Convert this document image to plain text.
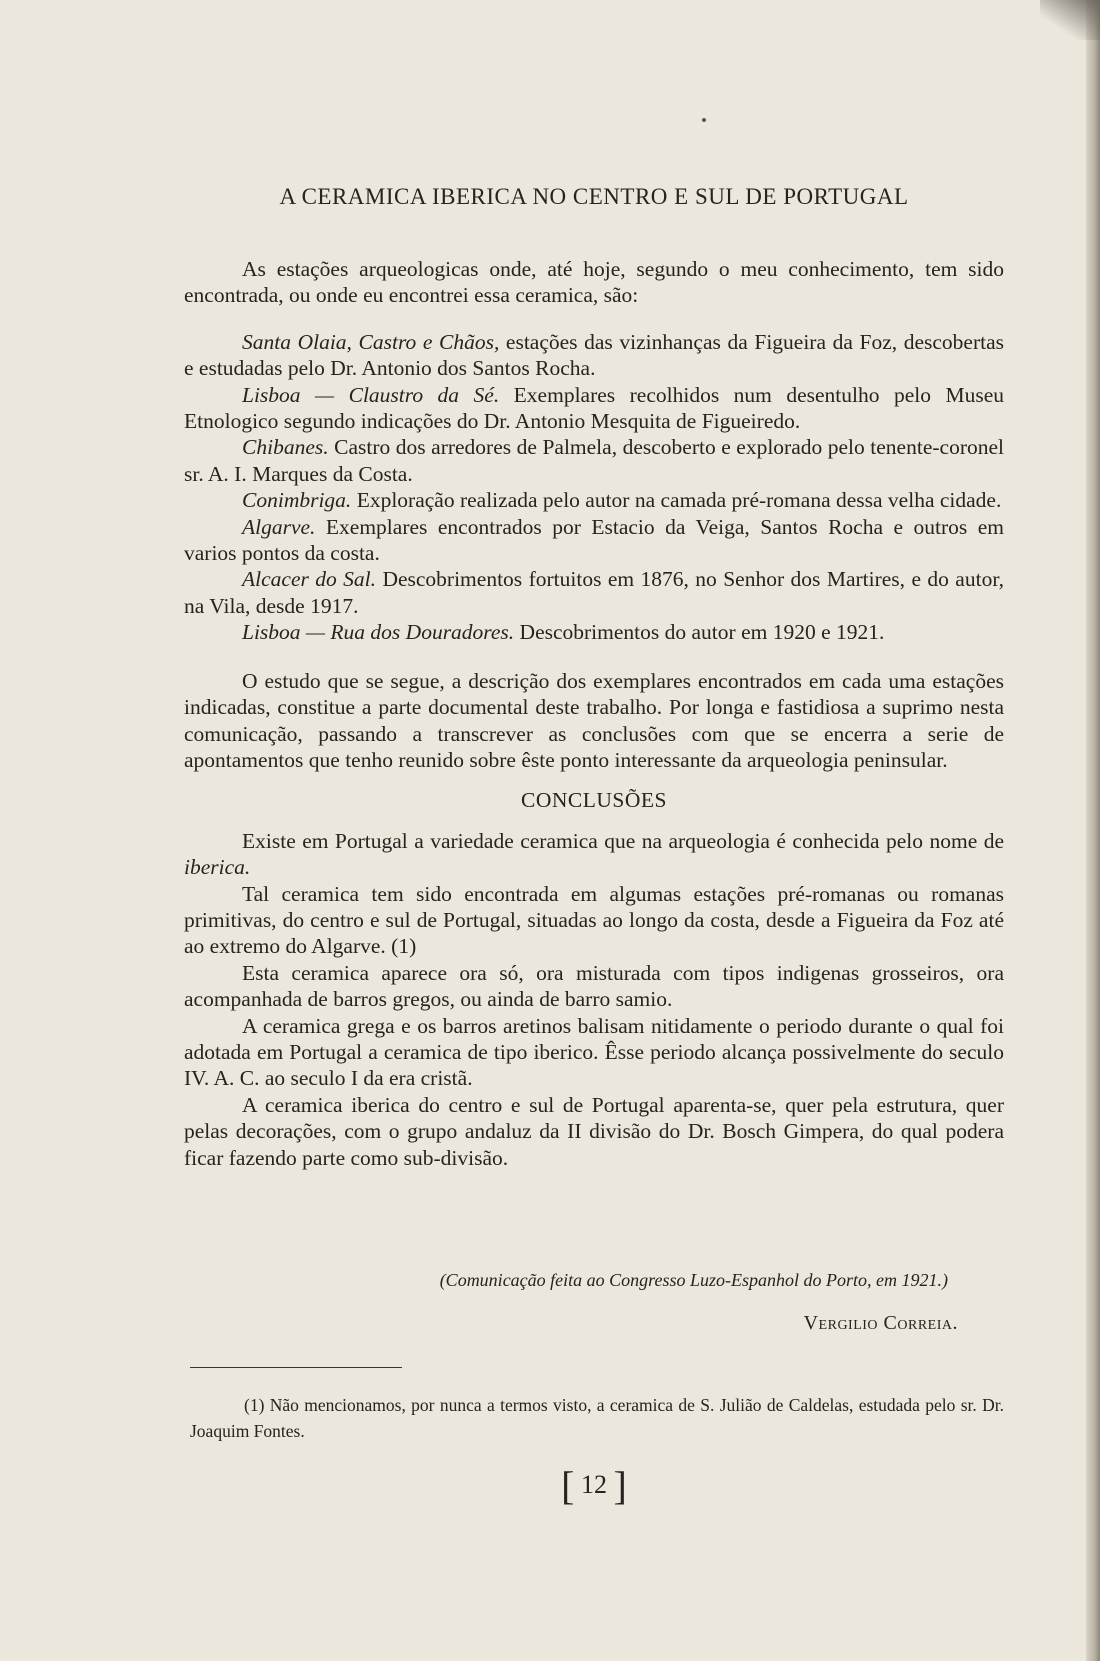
A CERAMICA IBERICA NO CENTRO E SUL DE PORTUGAL

As estações arqueologicas onde, até hoje, segundo o meu conhecimento, tem sido encontrada, ou onde eu encontrei essa ceramica, são:

Santa Olaia, Castro e Chãos, estações das vizinhanças da Figueira da Foz, descobertas e estudadas pelo Dr. Antonio dos Santos Rocha.

Lisboa — Claustro da Sé. Exemplares recolhidos num desentulho pelo Museu Etnologico segundo indicações do Dr. Antonio Mesquita de Figueiredo.

Chibanes. Castro dos arredores de Palmela, descoberto e explorado pelo tenente-coronel sr. A. I. Marques da Costa.

Conimbriga. Exploração realizada pelo autor na camada pré-romana dessa velha cidade.

Algarve. Exemplares encontrados por Estacio da Veiga, Santos Rocha e outros em varios pontos da costa.

Alcacer do Sal. Descobrimentos fortuitos em 1876, no Senhor dos Martires, e do autor, na Vila, desde 1917.

Lisboa — Rua dos Douradores. Descobrimentos do autor em 1920 e 1921.

O estudo que se segue, a descrição dos exemplares encontrados em cada uma estações indicadas, constitue a parte documental deste trabalho. Por longa e fastidiosa a suprimo nesta comunicação, passando a transcrever as conclusões com que se encerra a serie de apontamentos que tenho reunido sobre êste ponto interessante da arqueologia peninsular.

CONCLUSÕES

Existe em Portugal a variedade ceramica que na arqueologia é conhecida pelo nome de iberica.

Tal ceramica tem sido encontrada em algumas estações pré-romanas ou romanas primitivas, do centro e sul de Portugal, situadas ao longo da costa, desde a Figueira da Foz até ao extremo do Algarve. (1)

Esta ceramica aparece ora só, ora misturada com tipos indigenas grosseiros, ora acompanhada de barros gregos, ou ainda de barro samio.

A ceramica grega e os barros aretinos balisam nitidamente o periodo durante o qual foi adotada em Portugal a ceramica de tipo iberico. Êsse periodo alcança possivelmente do seculo IV. A. C. ao seculo I da era cristã.

A ceramica iberica do centro e sul de Portugal aparenta-se, quer pela estrutura, quer pelas decorações, com o grupo andaluz da II divisão do Dr. Bosch Gimpera, do qual podera ficar fazendo parte como sub-divisão.

(Comunicação feita ao Congresso Luzo-Espanhol do Porto, em 1921.)
Vergilio Correia.

(1) Não mencionamos, por nunca a termos visto, a ceramica de S. Julião de Caldelas, estudada pelo sr. Dr. Joaquim Fontes.

[ 12 ]
